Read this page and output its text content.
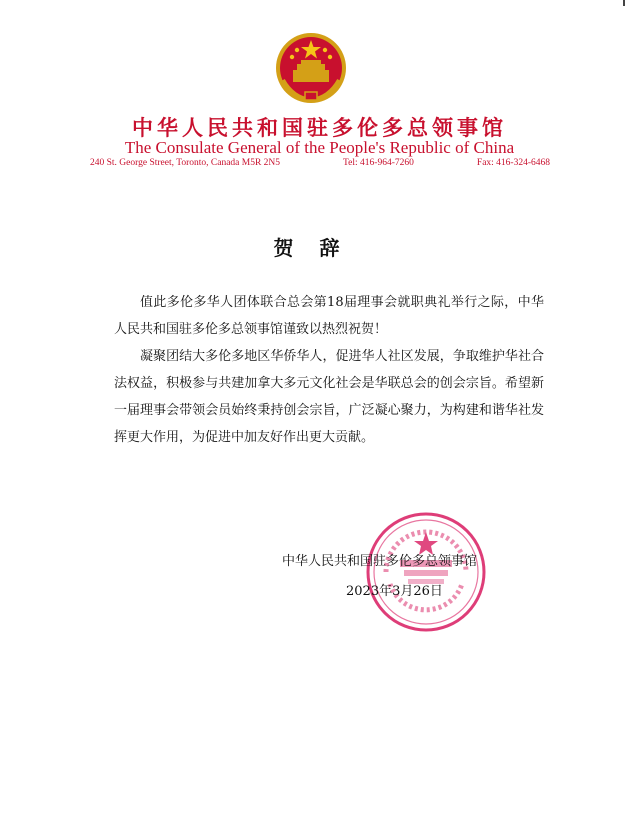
中华人民共和国驻多伦多总领事馆
The Consulate General of the People's Republic of China
240 St. George Street, Toronto, Canada M5R 2N5	Tel: 416-964-7260	Fax: 416-324-6468
贺辞

值此多伦多华人团体联合总会第18届理事会就职典礼举行之际，中华人民共和国驻多伦多总领事馆谨致以热烈祝贺！

凝聚团结大多伦多地区华侨华人，促进华人社区发展，争取维护华社合法权益，积极参与共建加拿大多元文化社会是华联总会的创会宗旨。希望新一届理事会带领会员始终秉持创会宗旨，广泛凝心聚力，为构建和谐华社发挥更大作用，为促进中加友好作出更大贡献。

中华人民共和国驻多伦多总领事馆
2023年3月26日
